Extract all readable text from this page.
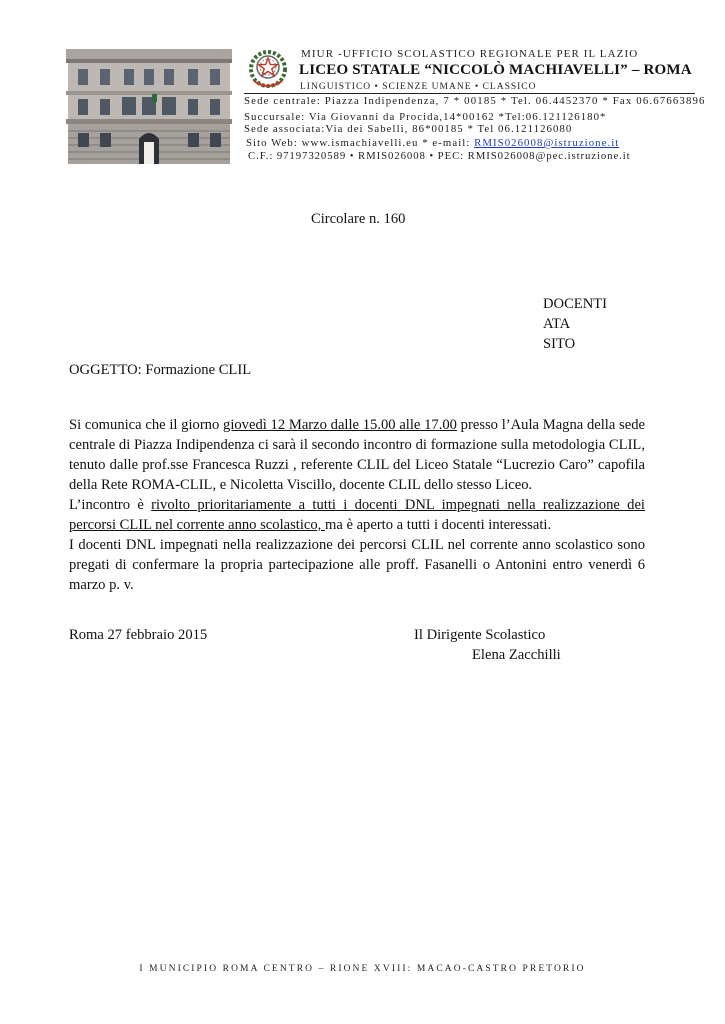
MIUR -UFFICIO SCOLASTICO REGIONALE PER IL LAZIO
LICEO STATALE “NICCOLÒ MACHIAVELLI” – ROMA
LINGUISTICO • SCIENZE UMANE • CLASSICO
Sede centrale: Piazza Indipendenza, 7 * 00185 * Tel. 06.4452370 * Fax 06.67663896
Succursale: Via Giovanni da Procida,14*00162 *Tel:06.121126180*
Sede associata:Via dei Sabelli, 86*00185 * Tel 06.121126080
Sito Web: www.ismachiavelli.eu * e-mail: RMIS026008@istruzione.it
C.F.: 97197320589 • RMIS026008 • PEC: RMIS026008@pec.istruzione.it
Circolare n. 160
DOCENTI
ATA
SITO
OGGETTO: Formazione CLIL
Si comunica che il giorno giovedì 12 Marzo dalle 15.00 alle 17.00 presso l’Aula Magna della sede centrale di Piazza Indipendenza ci sarà il secondo incontro di formazione sulla metodologia CLIL, tenuto dalle prof.sse Francesca Ruzzi , referente CLIL del Liceo Statale “Lucrezio Caro” capofila della Rete ROMA-CLIL, e Nicoletta Viscillo, docente CLIL dello stesso Liceo.
L’incontro è rivolto prioritariamente a tutti i docenti DNL impegnati nella realizzazione dei percorsi CLIL nel corrente anno scolastico, ma è aperto a tutti i docenti interessati.
I docenti DNL impegnati nella realizzazione dei percorsi CLIL nel corrente anno scolastico sono pregati di confermare la propria partecipazione alle proff. Fasanelli o Antonini entro venerdì 6 marzo p. v.
Roma 27 febbraio 2015	Il Dirigente Scolastico
Elena Zacchilli
I MUNICIPIO ROMA CENTRO – RIONE XVIII: MACAO-CASTRO PRETORIO
